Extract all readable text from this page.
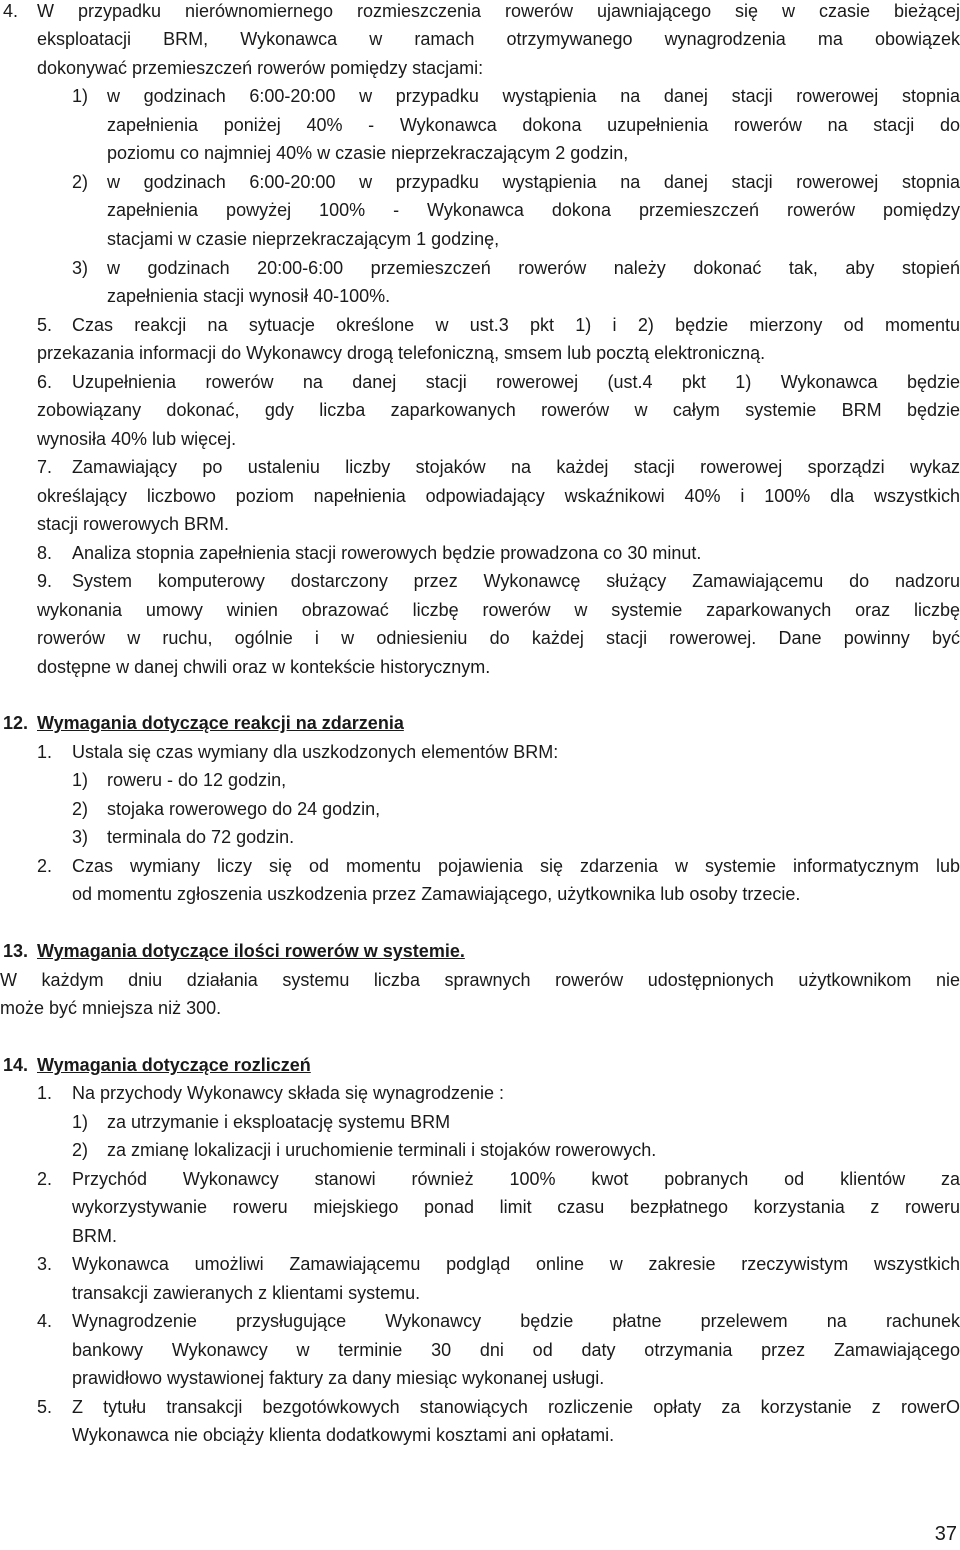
4. W przypadku nierównomiernego rozmieszczenia rowerów ujawniającego się w czasie bieżącej
eksploatacji BRM, Wykonawca w ramach otrzymywanego wynagrodzenia ma obowiązek
dokonywać przemieszczeń rowerów pomiędzy stacjami:
1) w godzinach 6:00-20:00 w przypadku wystąpienia na danej stacji rowerowej stopnia
zapełnienia poniżej 40% - Wykonawca dokona uzupełnienia rowerów na stacji do
poziomu co najmniej 40% w czasie nieprzekraczającym 2 godzin,
2) w godzinach 6:00-20:00 w przypadku wystąpienia na danej stacji rowerowej stopnia
zapełnienia powyżej 100% - Wykonawca dokona przemieszczeń rowerów pomiędzy
stacjami w czasie nieprzekraczającym 1 godzinę,
3) w godzinach 20:00-6:00 przemieszczeń rowerów należy dokonać tak, aby stopień
zapełnienia stacji wynosił 40-100%.
5. Czas reakcji na sytuacje określone w ust.3 pkt 1) i 2) będzie mierzony od momentu
przekazania informacji do Wykonawcy drogą telefoniczną, smsem lub pocztą elektroniczną.
6. Uzupełnienia rowerów na danej stacji rowerowej (ust.4 pkt 1) Wykonawca będzie
zobowiązany dokonać, gdy liczba zaparkowanych rowerów w całym systemie BRM będzie
wynosiła 40% lub więcej.
7. Zamawiający po ustaleniu liczby stojaków na każdej stacji rowerowej sporządzi wykaz
określający liczbowo poziom napełnienia odpowiadający wskaźnikowi 40% i 100% dla wszystkich
stacji rowerowych BRM.
8. Analiza stopnia zapełnienia stacji rowerowych będzie prowadzona co 30 minut.
9. System komputerowy dostarczony przez Wykonawcę służący Zamawiającemu do nadzoru
wykonania umowy winien obrazować liczbę rowerów w systemie zaparkowanych oraz liczbę
rowerów w ruchu, ogólnie i w odniesieniu do każdej stacji rowerowej. Dane powinny być
dostępne w danej chwili oraz w kontekście historycznym.
12. Wymagania dotyczące reakcji na zdarzenia
1. Ustala się czas wymiany dla uszkodzonych elementów BRM:
1) roweru - do 12 godzin,
2) stojaka rowerowego do 24 godzin,
3) terminala do 72 godzin.
2. Czas wymiany liczy się od momentu pojawienia się zdarzenia w systemie informatycznym lub
od momentu zgłoszenia uszkodzenia przez Zamawiającego, użytkownika lub osoby trzecie.
13. Wymagania dotyczące ilości rowerów w systemie.
W każdym dniu działania systemu liczba sprawnych rowerów udostępnionych użytkownikom nie
może być mniejsza niż 300.
14. Wymagania dotyczące rozliczeń
1. Na przychody Wykonawcy składa się wynagrodzenie :
1) za utrzymanie i eksploatację systemu BRM
2) za zmianę lokalizacji i uruchomienie terminali i stojaków rowerowych.
2. Przychód Wykonawcy stanowi również 100% kwot pobranych od klientów za
wykorzystywanie roweru miejskiego ponad limit czasu bezpłatnego korzystania z roweru
BRM.
3. Wykonawca umożliwi Zamawiającemu podgląd online w zakresie rzeczywistym wszystkich
transakcji zawieranych z klientami systemu.
4. Wynagrodzenie przysługujące Wykonawcy będzie płatne przelewem na rachunek
bankowy Wykonawcy w terminie 30 dni od daty otrzymania przez Zamawiającego
prawidłowo wystawionej faktury za dany miesiąc wykonanej usługi.
5. Z tytułu transakcji bezgotówkowych stanowiących rozliczenie opłaty za korzystanie z rowerO
Wykonawca nie obciąży klienta dodatkowymi kosztami ani opłatami.
37
